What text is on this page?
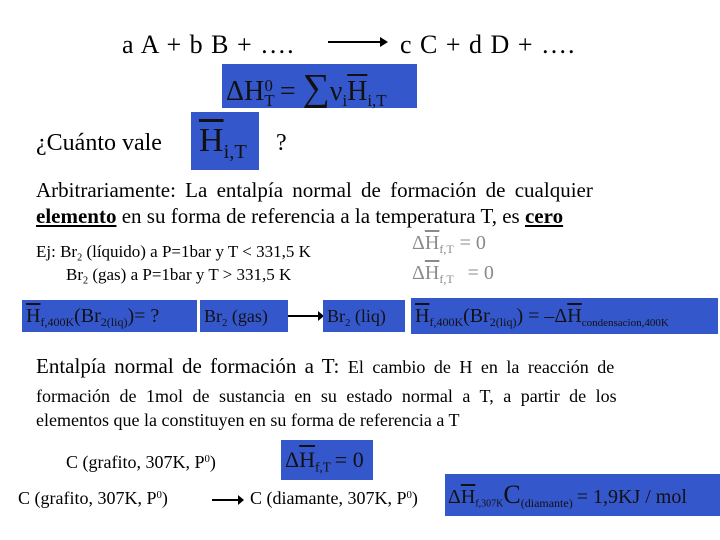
a A + b B + …. → c C + d D + ….
$\Delta H_T^0 = \sum\nu_i\overline{H}_{i,T}$
¿Cuánto vale $\overline{H}_{i,T}$	?
Arbitrariamente: La entalpía normal de formación de cualquier
elemento en su forma de referencia a la temperatura T, es cero
Ej: $Br_2$ (líquido) a P=1bar y T < 331,5 K
$Br_2$ (gas) a P=1bar y T > 331,5 K
$\Delta\overline{H}_{f,T} = 0$
$\Delta\overline{H}_{f,T} = 0$
$\overline{H}_{f,400K}(Br_{2(liq)})=$ ?	$Br_2$ (gas)	$Br_2$ (liq)	$\overline{H}_{f,400K}(Br_{2(liq)}) = -\Delta\overline{H}_{condensacion,400K}$
Entalpía normal de formación a T: El cambio de H en la reacción de
formación de 1mol de sustancia en su estado normal a T, a partir de los
elementos que la constituyen en su forma de referencia a T
C (grafito, 307K, $P^0$)	$\Delta\overline{H}_{f,T} = 0$
C (grafito, 307K, $P^0$)	C (diamante, 307K, $P^0$) $\Delta\overline{H}_{f,307K}C_{(diamante)} = 1,9KJ$ / mol
